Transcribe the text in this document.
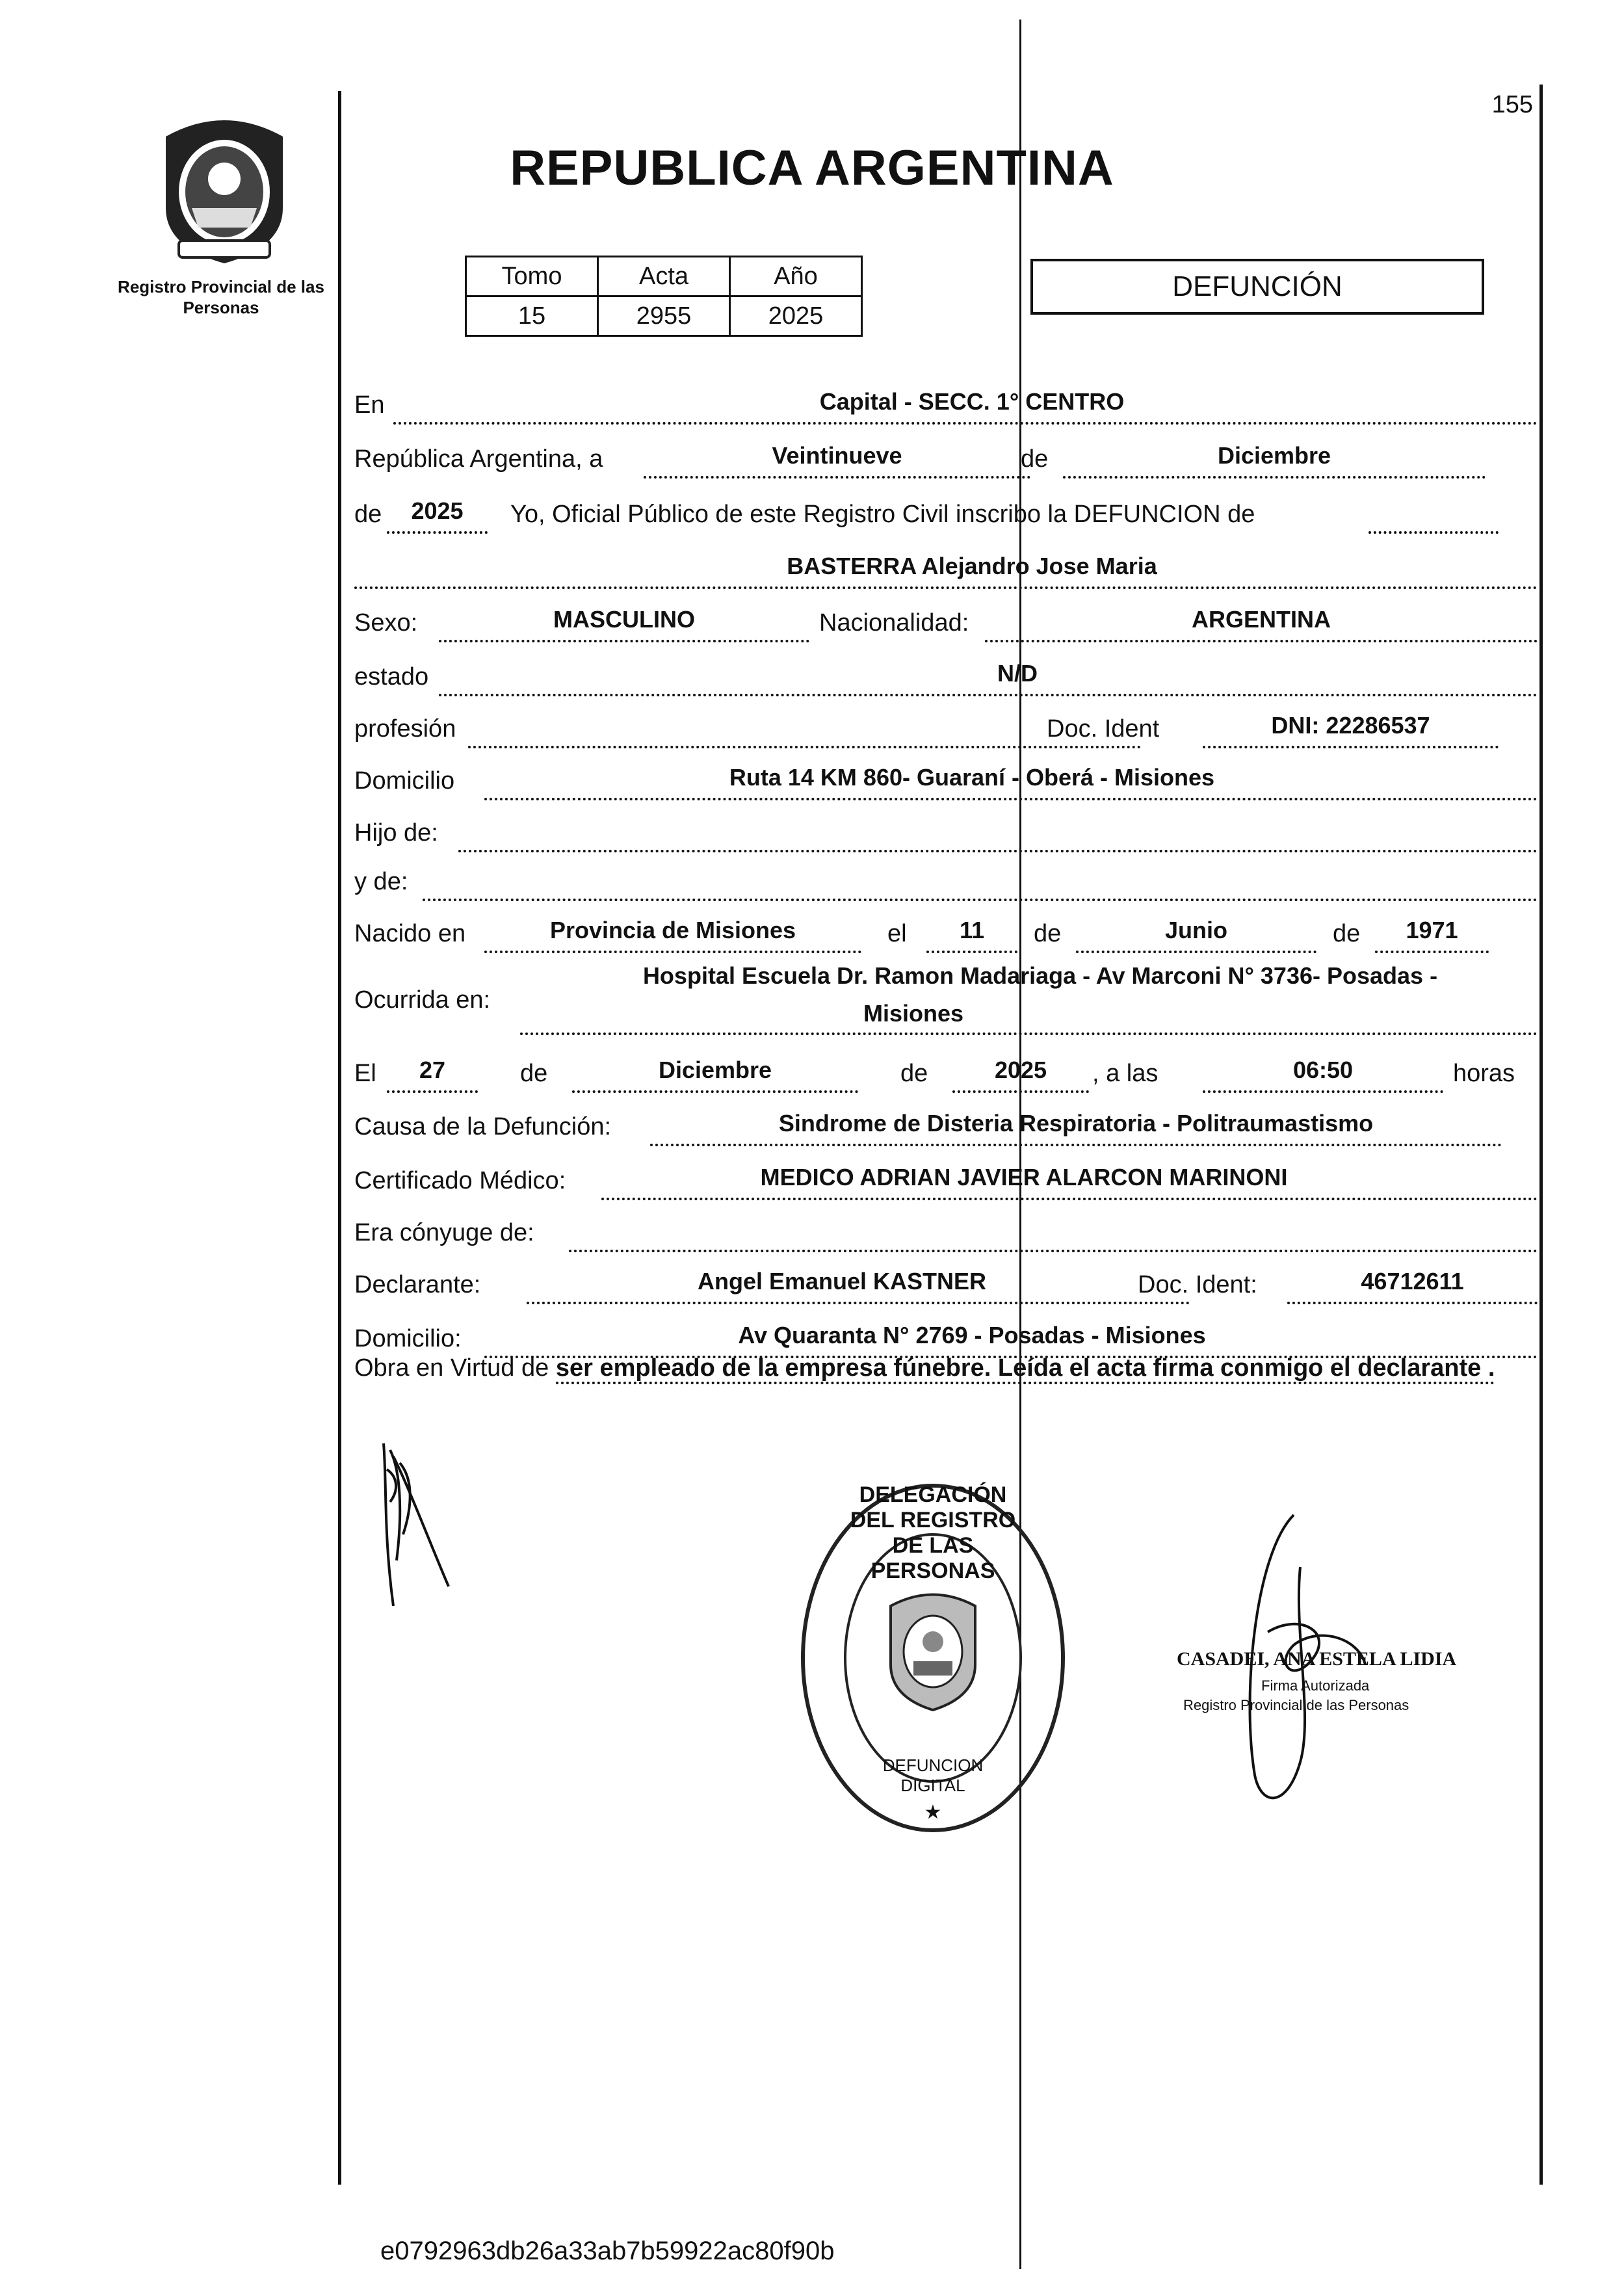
155
Registro Provincial de las Personas
REPUBLICA ARGENTINA
Tomo	Acta	Año
15	2955	2025
DEFUNCIÓN
En	Capital - SECC. 1° CENTRO
República Argentina, a	Veintinueve	de	Diciembre
de	2025	Yo, Oficial Público de este Registro Civil inscribo la DEFUNCION de
BASTERRA Alejandro Jose Maria
Sexo:	MASCULINO	Nacionalidad:	ARGENTINA
estado	N/D
profesión	Doc. Ident	DNI: 22286537
Domicilio	Ruta 14 KM 860- Guaraní - Oberá - Misiones
Hijo de:
y de:
Nacido en	Provincia de Misiones	el	11	de	Junio	de	1971
Ocurrida en:
Hospital Escuela Dr. Ramon Madariaga - Av Marconi N° 3736- Posadas -
Misiones
El	27	de	Diciembre	de	2025	, a las	06:50	horas
Causa de la Defunción:	Sindrome de Disteria Respiratoria - Politraumastismo
Certificado Médico:	MEDICO ADRIAN JAVIER ALARCON MARINONI
Era cónyuge de:
Declarante:	Angel Emanuel KASTNER	Doc. Ident:	46712611
Domicilio:	Av Quaranta N° 2769 - Posadas - Misiones
Obra en Virtud de ser empleado de la empresa fúnebre. Leída el acta firma conmigo el declarante .
DELEGACIÓN DEL REGISTRO DE LAS PERSONAS
DEFUNCION DIGITAL
★
CASADEI, ANA ESTELA LIDIA
Firma Autorizada
Registro Provincial de las Personas
e0792963db26a33ab7b59922ac80f90b
